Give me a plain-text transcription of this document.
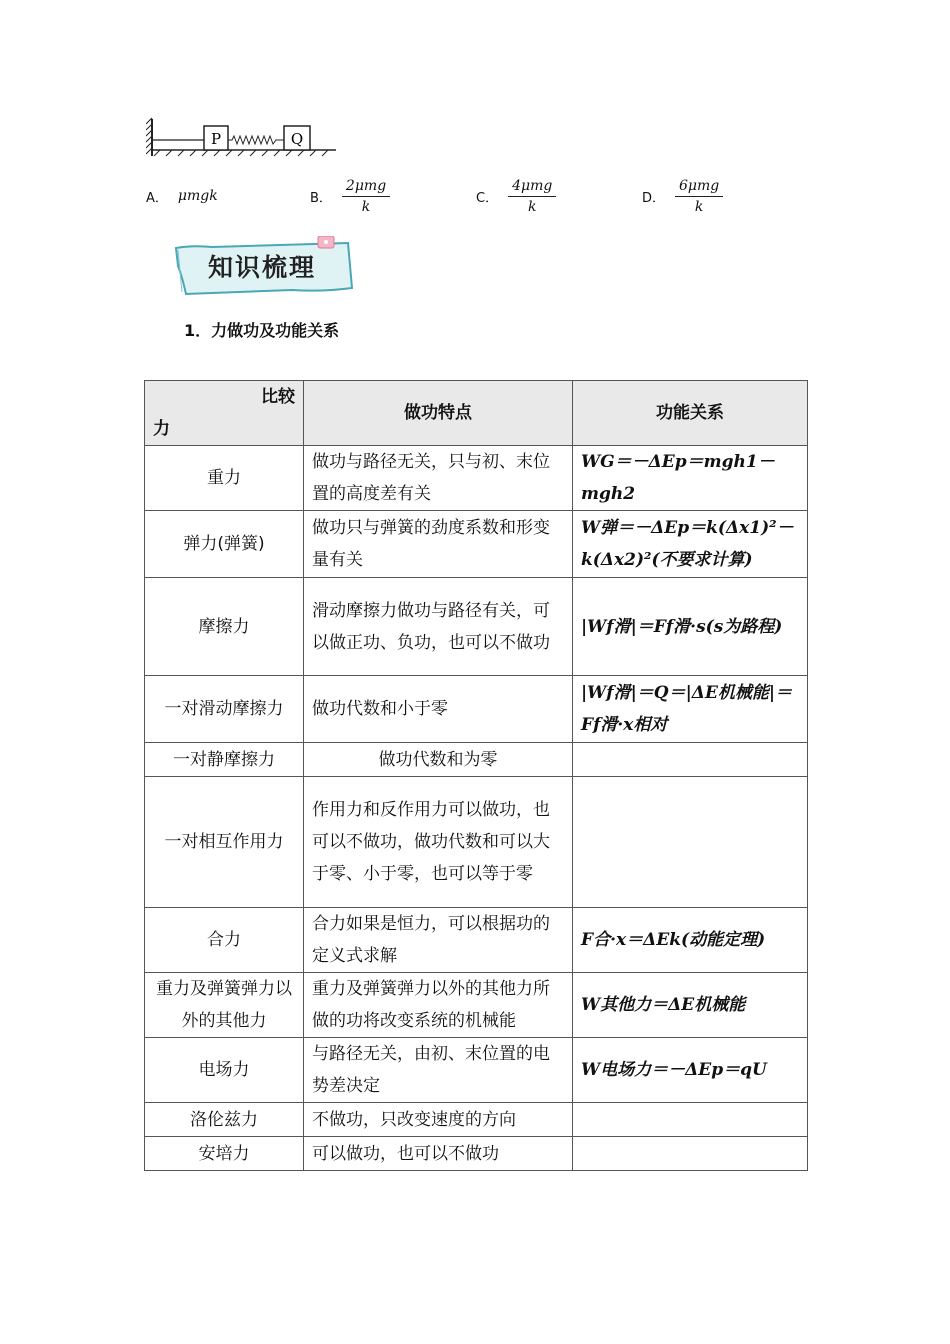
P	Q
A． μmgk	B． $\frac{\text{2μmg}}{k}$	C． $\frac{\text{4μmg}}{k}$	D． $\frac{\text{6μmg}}{k}$
知识梳理
1．力做功及功能关系
比较
力	做功特点	功能关系
重力	做功与路径无关，只与初、末位置的高度差有关	WG＝－ΔEp＝mgh1－mgh2
弹力(弹簧)	做功只与弹簧的劲度系数和形变量有关	W弹＝－ΔEp＝k(Δx1)²－k(Δx2)²(不要求计算)
摩擦力	滑动摩擦力做功与路径有关，可以做正功、负功，也可以不做功	|Wf滑|＝Ff滑·s(s为路程)
一对滑动摩擦力	做功代数和小于零	|Wf滑|＝Q＝|ΔE机械能|＝Ff滑·x相对
一对静摩擦力	做功代数和为零	
一对相互作用力	作用力和反作用力可以做功，也可以不做功，做功代数和可以大于零、小于零，也可以等于零	
合力	合力如果是恒力，可以根据功的定义式求解	F合·x＝ΔEk(动能定理)
重力及弹簧弹力以外的其他力	重力及弹簧弹力以外的其他力所做的功将改变系统的机械能	W其他力＝ΔE机械能
电场力	与路径无关，由初、末位置的电势差决定	W电场力＝－ΔEp＝qU
洛伦兹力	不做功，只改变速度的方向	
安培力	可以做功，也可以不做功	
